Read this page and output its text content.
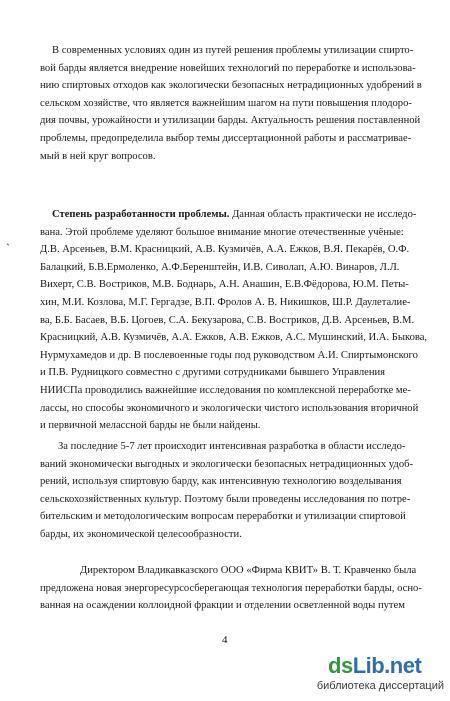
В современных условиях один из путей решения проблемы утилизации спирто-
вой барды является внедрение новейших технологий по переработке и использова-
нию спиртовых отходов как экологически безопасных нетрадиционных удобрений в
сельском хозяйстве, что является важнейшим шагом на пути повышения плодоро-
дия почвы, урожайности и утилизации барды. Актуальность решения поставленной
проблемы, предопределила выбор темы диссертационной работы и рассматривае-
мый в ней круг вопросов.
Степень разработанности проблемы. Данная область практически не исследо-
вана. Этой проблеме уделяют большое внимание многие отечественные учёные:
Д.В. Арсеньев, В.М. Красницкий, А.В. Кузмичёв, А.А. Ежков, В.Я. Пекарёв, О.Ф.
Балацкий, Б.В.Ермоленко, А.Ф.Беренштейн, И.В. Сиволап, А.Ю. Винаров, Л.Л.
Вихерт, С.В. Востриков, М.В. Боднарь, А.Н. Анашин, Е.В.Фёдорова, Ю.М. Петы-
хин, М.И. Козлова, М.Г. Гергадзе, В.П. Фролов А. В. Никишков, Ш.Р. Даулеталие-
ва, Б.Б. Басаев, В.Б. Цогоев, С.А. Бекузарова, С.В. Востриков, Д.В. Арсеньев, В.М.
Красницкий, А.В. Кузмичёв, А.А. Ежков, А.В. Ежков, А.С. Мушинский, И.А. Быкова,
Нурмухамедов и др. В послевоенные годы под руководством А.И. Спиртымонского
и П.В. Рудницкого совместно с другими сотрудниками бывшего Управления
НИИСПа проводились важнейшие исследования по комплексной переработке ме-
лассы, но способы экономичного и экологически чистого использования вторичной
и первичной мелассной барды не были найдены.
За последние 5-7 лет происходит интенсивная разработка в области исследо-
ваний экономически выгодных и экологически безопасных нетрадиционных удоб-
рений, используя спиртовую барду, как интенсивную технологию возделывания
сельскохозяйственных культур. Поэтому были проведены исследования по потре-
бительским и методологическим вопросам переработки и утилизации спиртовой
барды, их экономической целесообразности.
Директором Владикавказского ООО «Фирма КВИТ» В. Т. Кравченко была
предложена новая энергоресурсосберегающая технология переработки барды, осно-
ванная на осаждении коллоидной фракции и отделении осветленной воды путем
ˎ
4
dsLib.net
библиотека диссертаций
